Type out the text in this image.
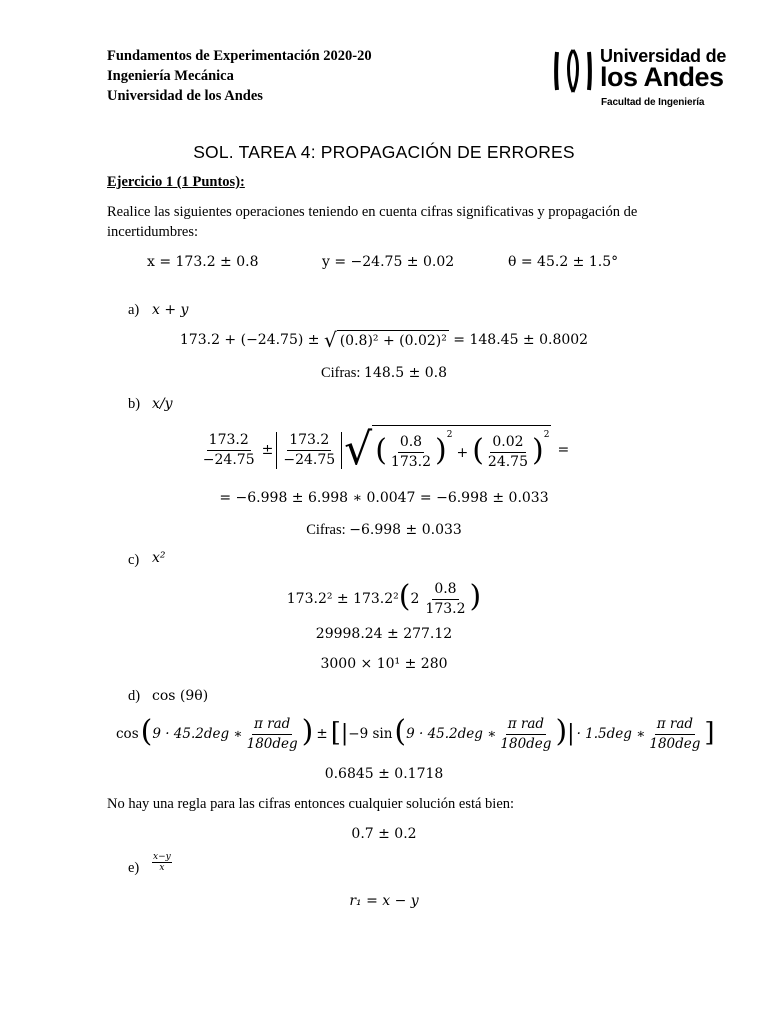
Fundamentos de Experimentación 2020-20
Ingeniería Mecánica
Universidad de los Andes
Universidad de
los Andes
Facultad de Ingeniería
SOL. TAREA 4: PROPAGACIÓN DE ERRORES
Ejercicio 1 (1 Puntos):
Realice las siguientes operaciones teniendo en cuenta cifras significativas y propagación de
incertidumbres:
x = 173.2 ± 0.8	y = −24.75 ± 0.02	θ = 45.2 ± 1.5°
a) x + y
173.2 + (−24.75) ± √ (0.8)² + (0.02)² = 148.45 ± 0.8002
Cifras: 148.5 ± 0.8
b) x/y
$\frac{173.2}{-24.75} \pm \frac{173.2}{-24.75}$ √ ( $\frac{0.8}{173.2} )^2$
+ ( $\frac{0.02}{24.75} )^2$
=
= −6.998 ± 6.998 ∗ 0.0047 = −6.998 ± 0.033
Cifras: −6.998 ± 0.033
c) x²
173.2² ± 173.2² ( $2 \frac{0.8}{173.2}$ )
29998.24 ± 277.12
3000 × 10¹ ± 280
d) cos (9θ)
cos ( 9 · 45.2deg ∗ $\frac{\text{π rad}}{\text{180deg}}$ ) ± [ | −9 sin ( 9 · 45.2deg ∗ $\frac{\text{π rad}}{\text{180deg}}$ ) | · 1.5deg ∗ $\frac{\text{π rad}}{\text{180deg}}$ ]
0.6845 ± 0.1718
No hay una regla para las cifras entonces cualquier solución está bien:
0.7 ± 0.2
$e) \frac{x-y}{x}$
r₁ = x − y
